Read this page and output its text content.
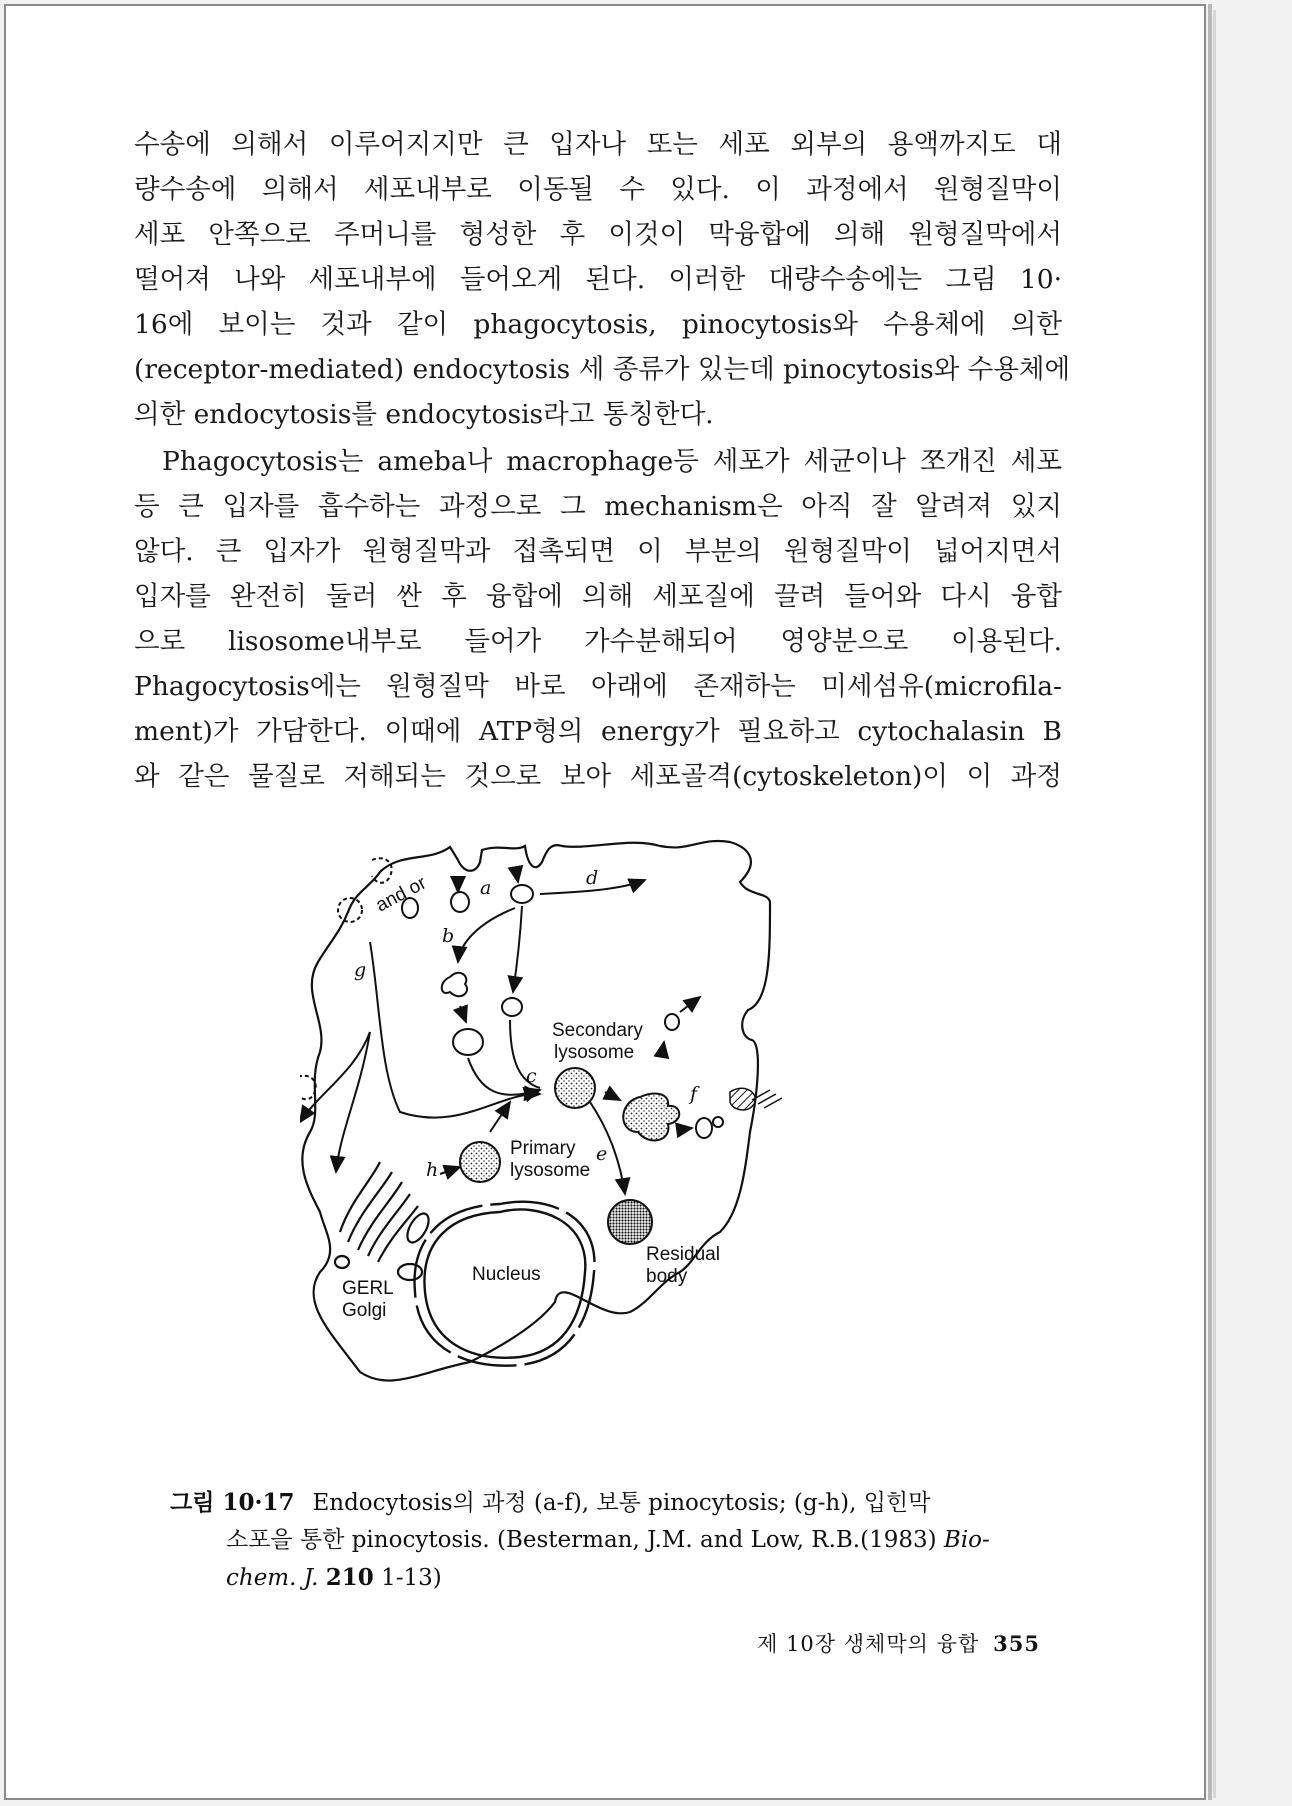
수송에 의해서 이루어지지만 큰 입자나 또는 세포 외부의 용액까지도 대

량수송에 의해서 세포내부로 이동될 수 있다. 이 과정에서 원형질막이

세포 안쪽으로 주머니를 형성한 후 이것이 막융합에 의해 원형질막에서

떨어져 나와 세포내부에 들어오게 된다. 이러한 대량수송에는 그림 10·

16에 보이는 것과 같이 phagocytosis, pinocytosis와 수용체에 의한

(receptor-mediated) endocytosis 세 종류가 있는데 pinocytosis와 수용체에

의한 endocytosis를 endocytosis라고 통칭한다.

Phagocytosis는 ameba나 macrophage등 세포가 세균이나 쪼개진 세포

등 큰 입자를 흡수하는 과정으로 그 mechanism은 아직 잘 알려져 있지

않다. 큰 입자가 원형질막과 접촉되면 이 부분의 원형질막이 넓어지면서

입자를 완전히 둘러 싼 후 융합에 의해 세포질에 끌려 들어와 다시 융합

으로 lisosome내부로 들어가 가수분해되어 영양분으로 이용된다.

Phagocytosis에는 원형질막 바로 아래에 존재하는 미세섬유(microfila-

ment)가 가담한다. 이때에 ATP형의 energy가 필요하고 cytochalasin B

와 같은 물질로 저해되는 것으로 보아 세포골격(cytoskeleton)이 이 과정

and or
Secondary
lysosome
Primary
lysosome
Residual
body
Nucleus
GERL
Golgi
a
b
c
d
e
f
g
h
그림 10·17 Endocytosis의 과정 (a-f), 보통 pinocytosis; (g-h), 입힌막
소포을 통한 pinocytosis. (Besterman, J.M. and Low, R.B.(1983) Bio-
chem. J. 210 1-13)
제 10장 생체막의 융합 355
